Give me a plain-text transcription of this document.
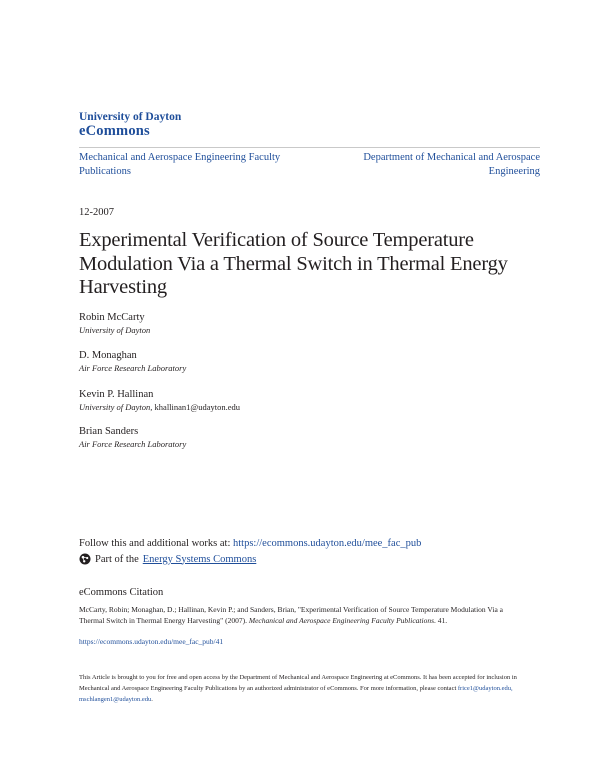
University of Dayton
eCommons
Mechanical and Aerospace Engineering Faculty Publications
Department of Mechanical and Aerospace Engineering
12-2007
Experimental Verification of Source Temperature Modulation Via a Thermal Switch in Thermal Energy Harvesting
Robin McCarty
University of Dayton
D. Monaghan
Air Force Research Laboratory
Kevin P. Hallinan
University of Dayton, khallinan1@udayton.edu
Brian Sanders
Air Force Research Laboratory
Follow this and additional works at: https://ecommons.udayton.edu/mee_fac_pub
Part of the Energy Systems Commons
eCommons Citation
McCarty, Robin; Monaghan, D.; Hallinan, Kevin P.; and Sanders, Brian, "Experimental Verification of Source Temperature Modulation Via a Thermal Switch in Thermal Energy Harvesting" (2007). Mechanical and Aerospace Engineering Faculty Publications. 41.
https://ecommons.udayton.edu/mee_fac_pub/41
This Article is brought to you for free and open access by the Department of Mechanical and Aerospace Engineering at eCommons. It has been accepted for inclusion in Mechanical and Aerospace Engineering Faculty Publications by an authorized administrator of eCommons. For more information, please contact frice1@udayton.edu, mschlangen1@udayton.edu.
